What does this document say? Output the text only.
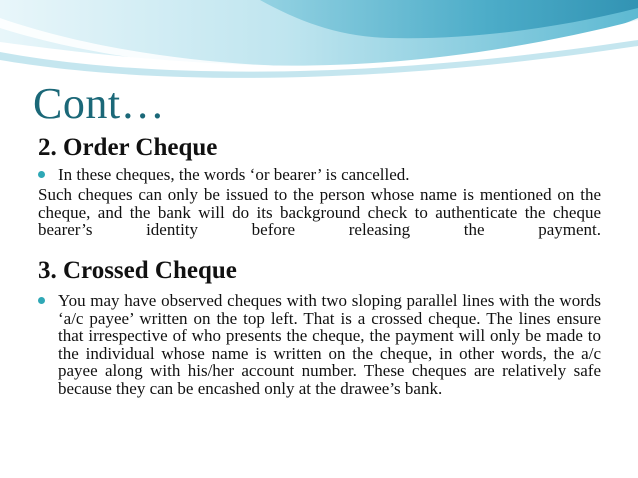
Cont…
2. Order Cheque
In these cheques, the words ‘or bearer’ is cancelled.
Such cheques can only be issued to the person whose name is mentioned on the cheque, and the bank will do its background check to authenticate the cheque bearer’s identity before releasing the payment.
3. Crossed Cheque
You may have observed cheques with two sloping parallel lines with the words ‘a/c payee’ written on the top left. That is a crossed cheque. The lines ensure that irrespective of who presents the cheque, the payment will only be made to the individual whose name is written on the cheque, in other words, the a/c payee along with his/her account number. These cheques are relatively safe because they can be encashed only at the drawee’s bank.
